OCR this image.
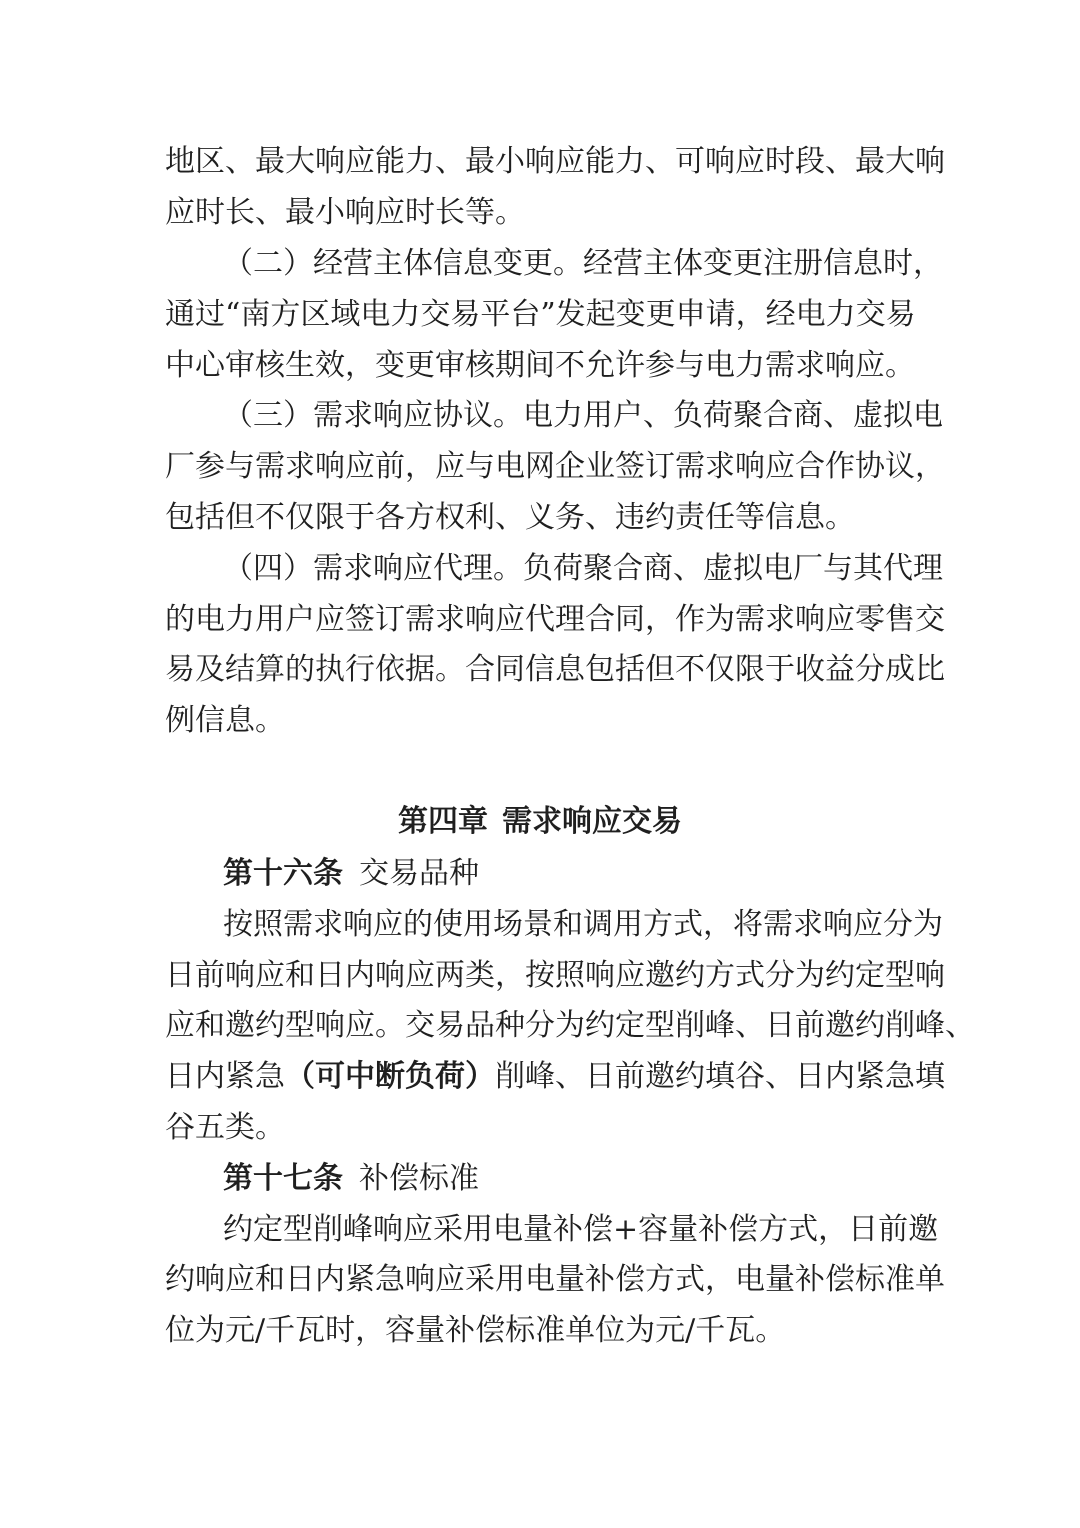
地区、最大响应能力、最小响应能力、可响应时段、最大响
应时长、最小响应时长等。
（二）经营主体信息变更。经营主体变更注册信息时，
通过“南方区域电力交易平台”发起变更申请，经电力交易
中心审核生效，变更审核期间不允许参与电力需求响应。
（三）需求响应协议。电力用户、负荷聚合商、虚拟电
厂参与需求响应前，应与电网企业签订需求响应合作协议，
包括但不仅限于各方权利、义务、违约责任等信息。
（四）需求响应代理。负荷聚合商、虚拟电厂与其代理
的电力用户应签订需求响应代理合同，作为需求响应零售交
易及结算的执行依据。合同信息包括但不仅限于收益分成比
例信息。
第四章 需求响应交易
第十六条 交易品种
按照需求响应的使用场景和调用方式，将需求响应分为
日前响应和日内响应两类，按照响应邀约方式分为约定型响
应和邀约型响应。交易品种分为约定型削峰、日前邀约削峰、
日内紧急（可中断负荷）削峰、日前邀约填谷、日内紧急填
谷五类。
第十七条 补偿标准
约定型削峰响应采用电量补偿+容量补偿方式，日前邀
约响应和日内紧急响应采用电量补偿方式，电量补偿标准单
位为元/千瓦时，容量补偿标准单位为元/千瓦。
